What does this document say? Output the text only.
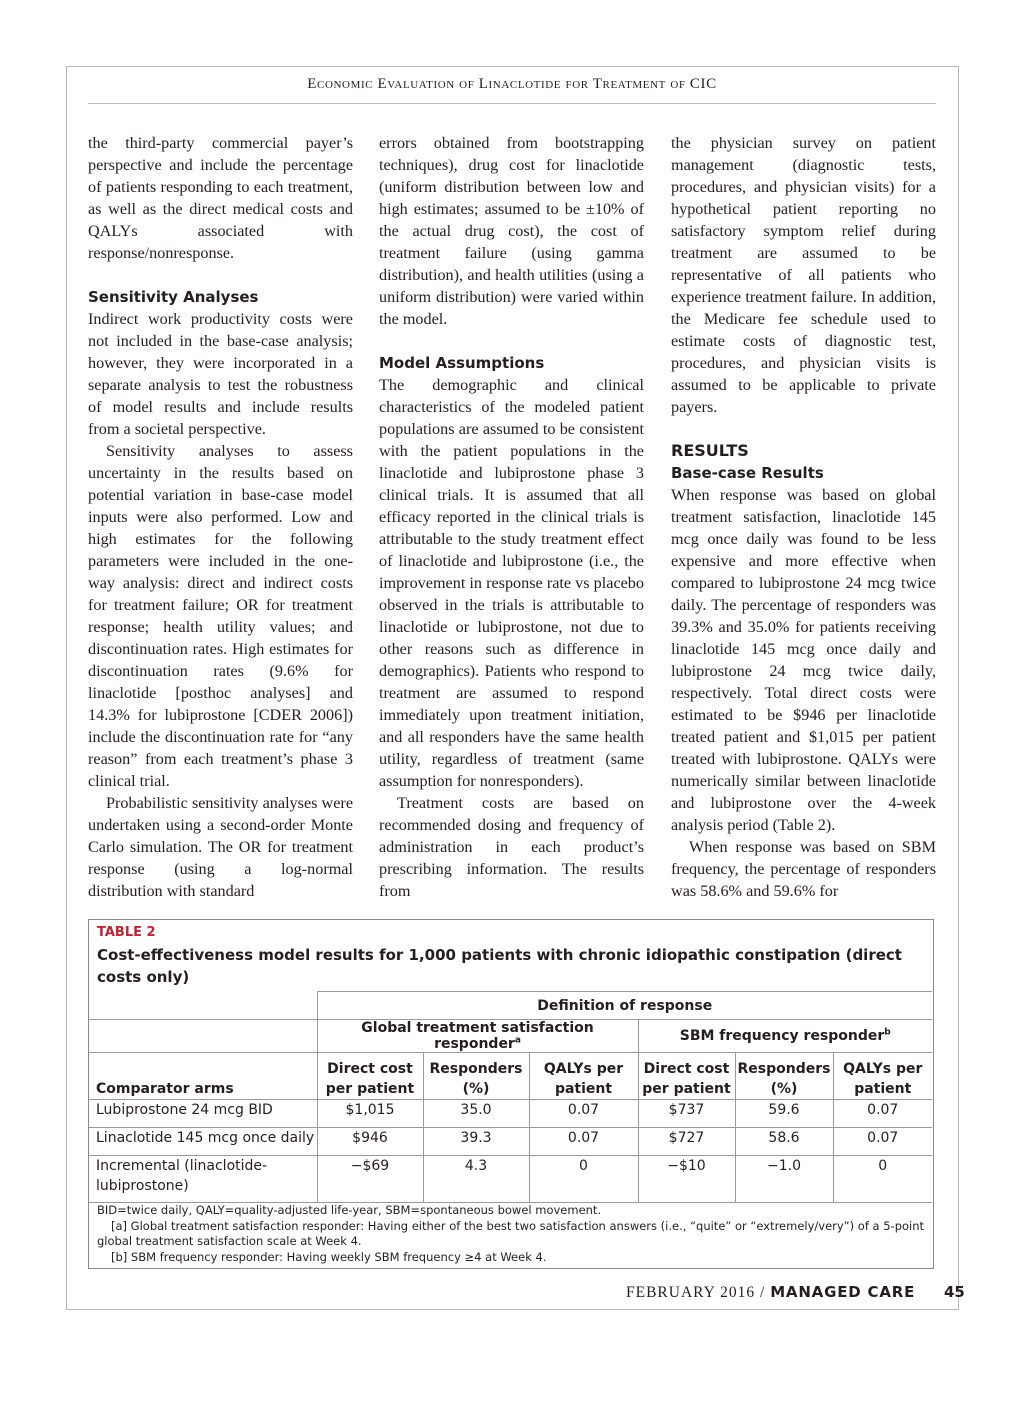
Economic Evaluation of Linaclotide for Treatment of CIC

the third-party commercial payer’s perspective and include the percentage of patients responding to each treatment, as well as the direct medical costs and QALYs associated with response/nonresponse.

Sensitivity Analyses

Indirect work productivity costs were not included in the base-case analysis; however, they were incorporated in a separate analysis to test the robustness of model results and include results from a societal perspective.

Sensitivity analyses to assess uncertainty in the results based on potential variation in base-case model inputs were also performed. Low and high estimates for the following parameters were included in the one-way analysis: direct and indirect costs for treatment failure; OR for treatment response; health utility values; and discontinuation rates. High estimates for discontinuation rates (9.6% for linaclotide [posthoc analyses] and 14.3% for lubiprostone [CDER 2006]) include the discontinuation rate for “any reason” from each treatment’s phase 3 clinical trial.

Probabilistic sensitivity analyses were undertaken using a second-order Monte Carlo simulation. The OR for treatment response (using a log-normal distribution with standard

errors obtained from bootstrapping techniques), drug cost for linaclotide (uniform distribution between low and high estimates; assumed to be ±10% of the actual drug cost), the cost of treatment failure (using gamma distribution), and health utilities (using a uniform distribution) were varied within the model.

Model Assumptions

The demographic and clinical characteristics of the modeled patient populations are assumed to be consistent with the patient populations in the linaclotide and lubiprostone phase 3 clinical trials. It is assumed that all efficacy reported in the clinical trials is attributable to the study treatment effect of linaclotide and lubiprostone (i.e., the improvement in response rate vs placebo observed in the trials is attributable to linaclotide or lubiprostone, not due to other reasons such as difference in demographics). Patients who respond to treatment are assumed to respond immediately upon treatment initiation, and all responders have the same health utility, regardless of treatment (same assumption for nonresponders).

Treatment costs are based on recommended dosing and frequency of administration in each product’s prescribing information. The results from

the physician survey on patient management (diagnostic tests, procedures, and physician visits) for a hypothetical patient reporting no satisfactory symptom relief during treatment are assumed to be representative of all patients who experience treatment failure. In addition, the Medicare fee schedule used to estimate costs of diagnostic test, procedures, and physician visits is assumed to be applicable to private payers.

RESULTS

Base-case Results

When response was based on global treatment satisfaction, linaclotide 145 mcg once daily was found to be less expensive and more effective when compared to lubiprostone 24 mcg twice daily. The percentage of responders was 39.3% and 35.0% for patients receiving linaclotide 145 mcg once daily and lubiprostone 24 mcg twice daily, respectively. Total direct costs were estimated to be $946 per linaclotide treated patient and $1,015 per patient treated with lubiprostone. QALYs were numerically similar between linaclotide and lubiprostone over the 4-week analysis period (Table 2).

When response was based on SBM frequency, the percentage of responders was 58.6% and 59.6% for

TABLE 2
Cost-effectiveness model results for 1,000 patients with chronic idiopathic constipation (direct costs only)
	Definition of response					
	Global treatment satisfaction responder$^a$			SBM frequency responder$^b$
Comparator arms	Direct cost per patient	Responders (%)	QALYs per patient	Direct cost per patient	Responders (%)	QALYs per patient
Lubiprostone 24 mcg BID	$1,015	35.0	0.07	$737	59.6	0.07
Linaclotide 145 mcg once daily	$946	39.3	0.07	$727	58.6	0.07
Incremental (linaclotide-lubiprostone)	−$69	4.3	0	−$10	−1.0	0

BID=twice daily, QALY=quality-adjusted life-year, SBM=spontaneous bowel movement.

[a] Global treatment satisfaction responder: Having either of the best two satisfaction answers (i.e., “quite” or “extremely/very”) of a 5-point global treatment satisfaction scale at Week 4.

[b] SBM frequency responder: Having weekly SBM frequency ≥4 at Week 4.

FEBRUARY 2016 / MANAGED CARE 45
